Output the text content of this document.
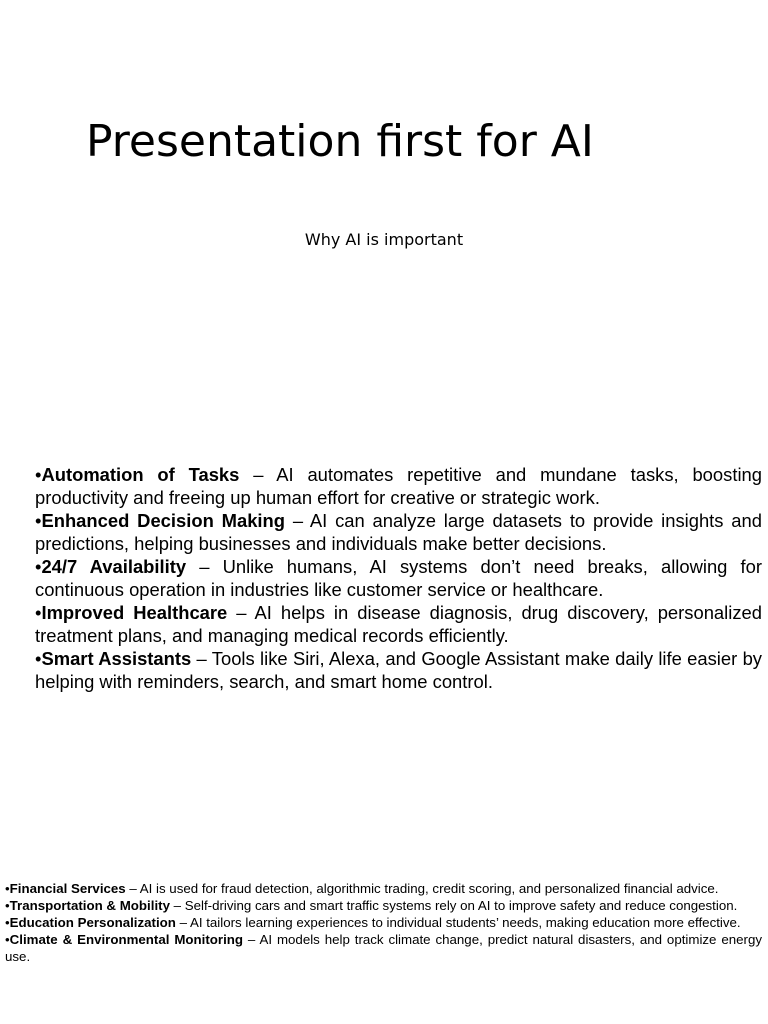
Presentation first for AI

Why AI is important

•Automation of Tasks – AI automates repetitive and mundane tasks, boosting productivity and freeing up human effort for creative or strategic work.
•Enhanced Decision Making – AI can analyze large datasets to provide insights and predictions, helping businesses and individuals make better decisions.
•24/7 Availability – Unlike humans, AI systems don’t need breaks, allowing for continuous operation in industries like customer service or healthcare.
•Improved Healthcare – AI helps in disease diagnosis, drug discovery, personalized treatment plans, and managing medical records efficiently.
•Smart Assistants – Tools like Siri, Alexa, and Google Assistant make daily life easier by helping with reminders, search, and smart home control.
•Financial Services – AI is used for fraud detection, algorithmic trading, credit scoring, and personalized financial advice.
•Transportation & Mobility – Self-driving cars and smart traffic systems rely on AI to improve safety and reduce congestion.
•Education Personalization – AI tailors learning experiences to individual students’ needs, making education more effective.
•Climate & Environmental Monitoring – AI models help track climate change, predict natural disasters, and optimize energy use.
